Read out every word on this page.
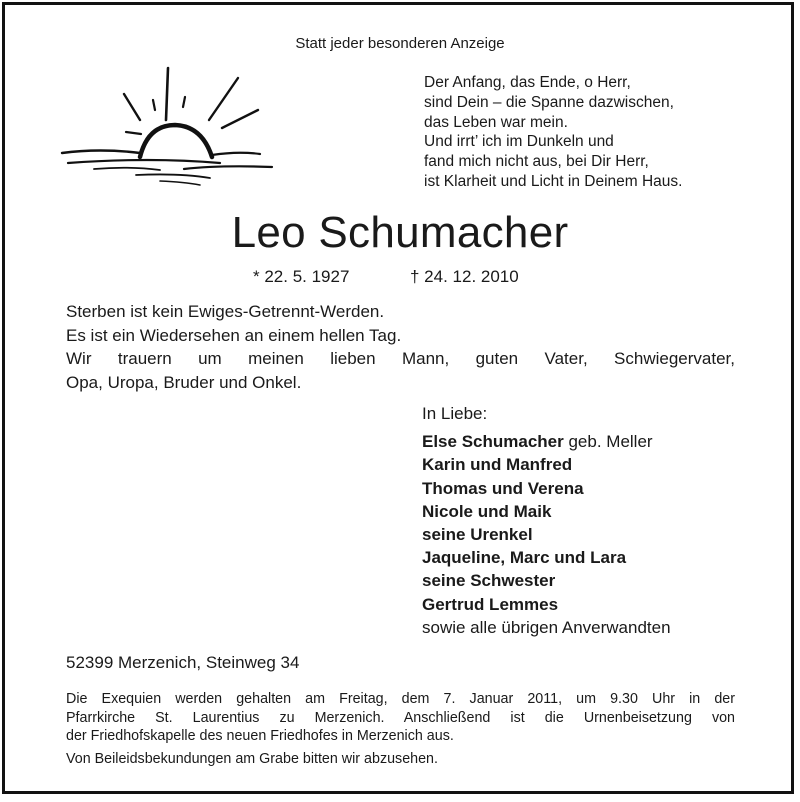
Statt jeder besonderen Anzeige
Der Anfang, das Ende, o Herr,
sind Dein – die Spanne dazwischen,
das Leben war mein.
Und irrt’ ich im Dunkeln und
fand mich nicht aus, bei Dir Herr,
ist Klarheit und Licht in Deinem Haus.
Leo Schumacher
* 22. 5. 1927	† 24. 12. 2010
Sterben ist kein Ewiges-Getrennt-Werden.
Es ist ein Wiedersehen an einem hellen Tag.
Wir trauern um meinen lieben Mann, guten Vater, Schwiegervater,
Opa, Uropa, Bruder und Onkel.
In Liebe:
Else Schumacher geb. Meller
Karin und Manfred
Thomas und Verena
Nicole und Maik
seine Urenkel
Jaqueline, Marc und Lara
seine Schwester
Gertrud Lemmes
sowie alle übrigen Anverwandten
52399 Merzenich, Steinweg 34
Die Exequien werden gehalten am Freitag, dem 7. Januar 2011, um 9.30 Uhr in der
Pfarrkirche St. Laurentius zu Merzenich. Anschließend ist die Urnenbeisetzung von
der Friedhofskapelle des neuen Friedhofes in Merzenich aus.
Von Beileidsbekundungen am Grabe bitten wir abzusehen.
